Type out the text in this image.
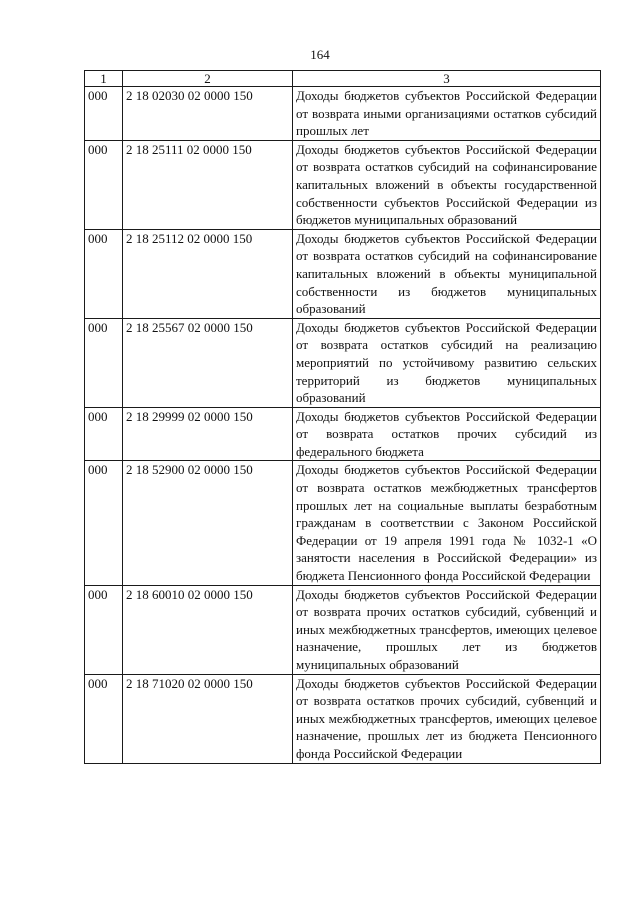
164
1	2	3
000	2 18 02030 02 0000 150	Доходы бюджетов субъектов Российской Федерации от возврата иными организациями остатков субсидий прошлых лет
000	2 18 25111 02 0000 150	Доходы бюджетов субъектов Российской Федерации от возврата остатков субсидий на софинансирование капитальных вложений в объекты государственной собственности субъектов Российской Федерации из бюджетов муниципальных образований
000	2 18 25112 02 0000 150	Доходы бюджетов субъектов Российской Федерации от возврата остатков субсидий на софинансирование капитальных вложений в объекты муниципальной собственности из бюджетов муниципальных образований
000	2 18 25567 02 0000 150	Доходы бюджетов субъектов Российской Федерации от возврата остатков субсидий на реализацию мероприятий по устойчивому развитию сельских территорий из бюджетов муниципальных образований
000	2 18 29999 02 0000 150	Доходы бюджетов субъектов Российской Федерации от возврата остатков прочих субсидий из федерального бюджета
000	2 18 52900 02 0000 150	Доходы бюджетов субъектов Российской Федерации от возврата остатков межбюджетных трансфертов прошлых лет на социальные выплаты безработным гражданам в соответствии с Законом Российской Федерации от 19 апреля 1991 года № 1032-1 «О занятости населения в Российской Федерации» из бюджета Пенсионного фонда Российской Федерации
000	2 18 60010 02 0000 150	Доходы бюджетов субъектов Российской Федерации от возврата прочих остатков субсидий, субвенций и иных межбюджетных трансфертов, имеющих целевое назначение, прошлых лет из бюджетов муниципальных образований
000	2 18 71020 02 0000 150	Доходы бюджетов субъектов Российской Федерации от возврата остатков прочих субсидий, субвенций и иных межбюджетных трансфертов, имеющих целевое назначение, прошлых лет из бюджета Пенсионного фонда Российской Федерации
